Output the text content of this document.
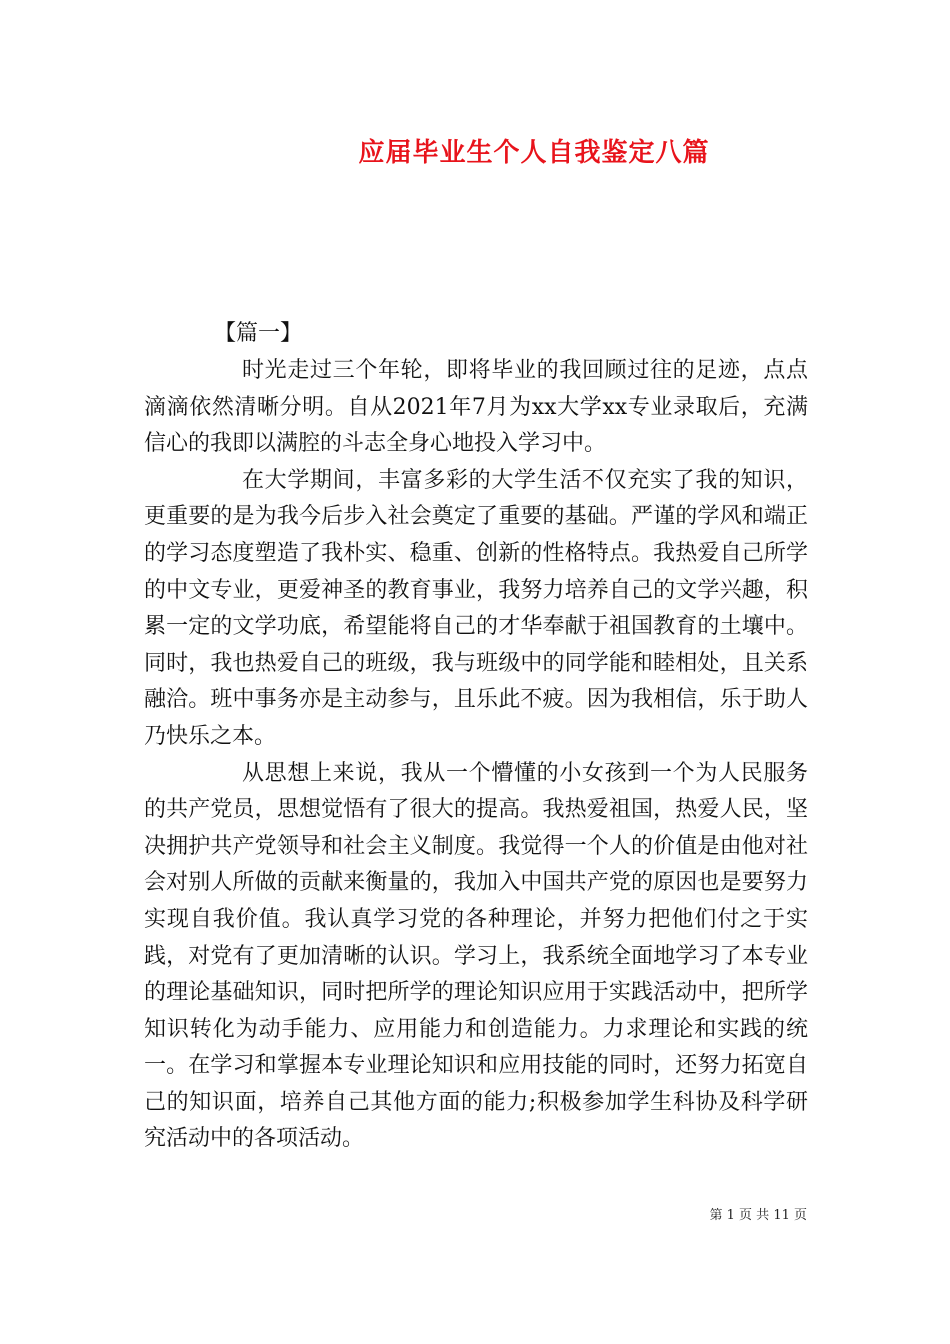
应届毕业生个人自我鉴定八篇

【篇一】

时光走过三个年轮，即将毕业的我回顾过往的足迹，点点滴滴依然清晰分明。自从2021年7月为xx大学xx专业录取后，充满信心的我即以满腔的斗志全身心地投入学习中。

在大学期间，丰富多彩的大学生活不仅充实了我的知识，更重要的是为我今后步入社会奠定了重要的基础。严谨的学风和端正的学习态度塑造了我朴实、稳重、创新的性格特点。我热爱自己所学的中文专业，更爱神圣的教育事业，我努力培养自己的文学兴趣，积累一定的文学功底，希望能将自己的才华奉献于祖国教育的土壤中。同时，我也热爱自己的班级，我与班级中的同学能和睦相处，且关系融洽。班中事务亦是主动参与，且乐此不疲。因为我相信，乐于助人乃快乐之本。

从思想上来说，我从一个懵懂的小女孩到一个为人民服务的共产党员，思想觉悟有了很大的提高。我热爱祖国，热爱人民，坚决拥护共产党领导和社会主义制度。我觉得一个人的价值是由他对社会对别人所做的贡献来衡量的，我加入中国共产党的原因也是要努力实现自我价值。我认真学习党的各种理论，并努力把他们付之于实践，对党有了更加清晰的认识。学习上，我系统全面地学习了本专业的理论基础知识，同时把所学的理论知识应用于实践活动中，把所学知识转化为动手能力、应用能力和创造能力。力求理论和实践的统一。在学习和掌握本专业理论知识和应用技能的同时，还努力拓宽自己的知识面，培养自己其他方面的能力;积极参加学生科协及科学研究活动中的各项活动。

第 1 页 共 11 页
